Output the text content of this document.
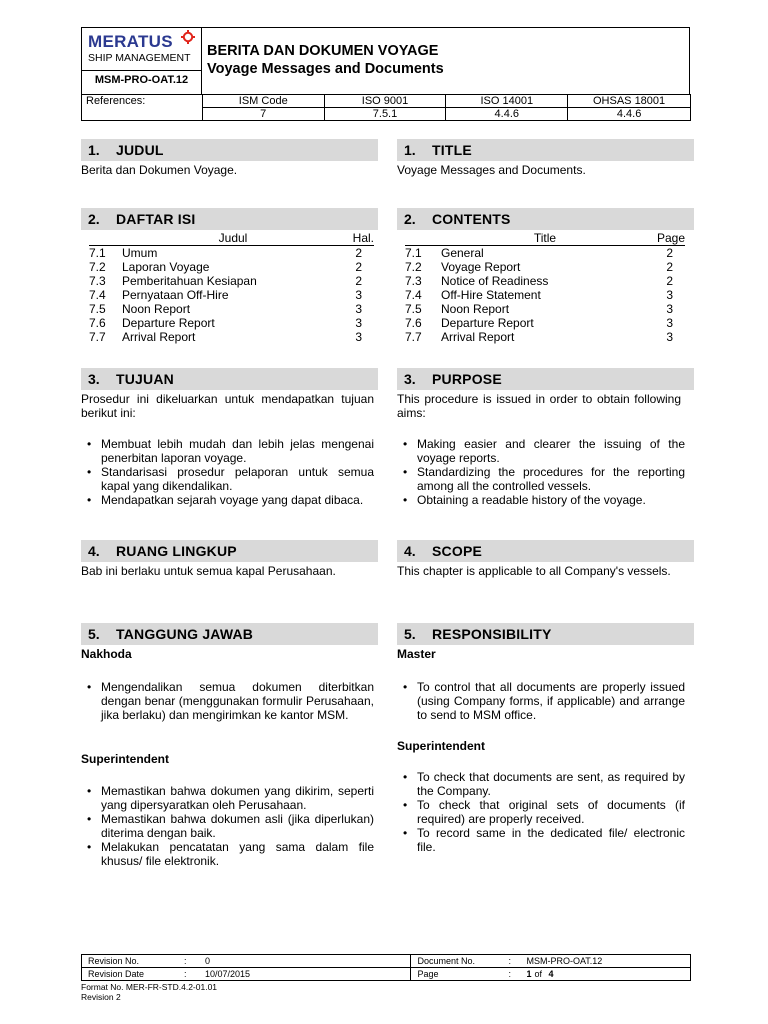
MERATUS
SHIP MANAGEMENT
MSM-PRO-OAT.12
BERITA DAN DOKUMEN VOYAGE
Voyage Messages and Documents
References:	ISM Code	ISO 9001	ISO 14001	OHSAS 18001
	7	7.5.1	4.4.6	4.4.6
1. JUDUL
Berita dan Dokumen Voyage.
1. TITLE
Voyage Messages and Documents.
2. DAFTAR ISI
	Judul	Hal.
7.1	Umum	2
7.2	Laporan Voyage	2
7.3	Pemberitahuan Kesiapan	2
7.4	Pernyataan Off-Hire	3
7.5	Noon Report	3
7.6	Departure Report	3
7.7	Arrival Report	3
2. CONTENTS
	Title	Page
7.1	General	2
7.2	Voyage Report	2
7.3	Notice of Readiness	2
7.4	Off-Hire Statement	3
7.5	Noon Report	3
7.6	Departure Report	3
7.7	Arrival Report	3
3. TUJUAN
Prosedur ini dikeluarkan untuk mendapatkan tujuan berikut ini:
• Membuat lebih mudah dan lebih jelas mengenai penerbitan laporan voyage.
• Standarisasi prosedur pelaporan untuk semua kapal yang dikendalikan.
• Mendapatkan sejarah voyage yang dapat dibaca.
3. PURPOSE
This procedure is issued in order to obtain following aims:
• Making easier and clearer the issuing of the voyage reports.
• Standardizing the procedures for the reporting among all the controlled vessels.
• Obtaining a readable history of the voyage.
4. RUANG LINGKUP
Bab ini berlaku untuk semua kapal Perusahaan.
4. SCOPE
This chapter is applicable to all Company's vessels.
5. TANGGUNG JAWAB
Nakhoda
• Mengendalikan semua dokumen diterbitkan dengan benar (menggunakan formulir Perusahaan, jika berlaku) dan mengirimkan ke kantor MSM.
Superintendent
• Memastikan bahwa dokumen yang dikirim, seperti yang dipersyaratkan oleh Perusahaan.
• Memastikan bahwa dokumen asli (jika diperlukan) diterima dengan baik.
• Melakukan pencatatan yang sama dalam file khusus/ file elektronik.
5. RESPONSIBILITY
Master
• To control that all documents are properly issued (using Company forms, if applicable) and arrange to send to MSM office.
Superintendent
• To check that documents are sent, as required by the Company.
• To check that original sets of documents (if required) are properly received.
• To record same in the dedicated file/ electronic file.
Revision No. : 0	Document No. : MSM-PRO-OAT.12

Revision Date : 10/07/2015	Page : 1 of 4
Format No. MER-FR-STD.4.2-01.01
Revision 2
